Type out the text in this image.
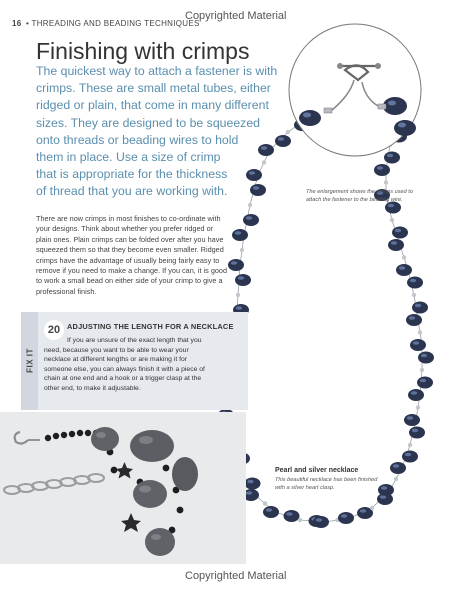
16 • THREADING AND BEADING TECHNIQUES
Copyrighted Material
Finishing with crimps
The quickest way to attach a fastener is with
crimps. These are small metal tubes, either
ridged or plain, that come in many different
sizes. They are designed to be squeezed
onto threads or beading wires to hold
them in place. Use a size of crimp
that is appropriate for the thickness
of thread that you are working with.
There are now crimps in most finishes to co-ordinate with
your designs. Think about whether you prefer ridged or
plain ones. Plain crimps can be folded over after you have
squeezed them so that they become even smaller. Ridged
crimps have the advantage of usually being fairly easy to
remove if you need to make a change. If you can, it is good
to work a small bead on either side of your crimp to give a
professional finish.
The enlargement shows the crimps used to attach the fastener to the beading wire.
Pearl and silver necklace
This beautiful necklace has been finished with a silver heart clasp.
FIX IT
20 ADJUSTING THE LENGTH FOR A NECKLACE
If you are unsure of the exact length that you
need, because you want to be able to wear your
necklace at different lengths or are making it for
someone else, you can always finish it with a piece of
chain at one end and a hook or a trigger clasp at the
other end, to make it adjustable.
Copyrighted Material
